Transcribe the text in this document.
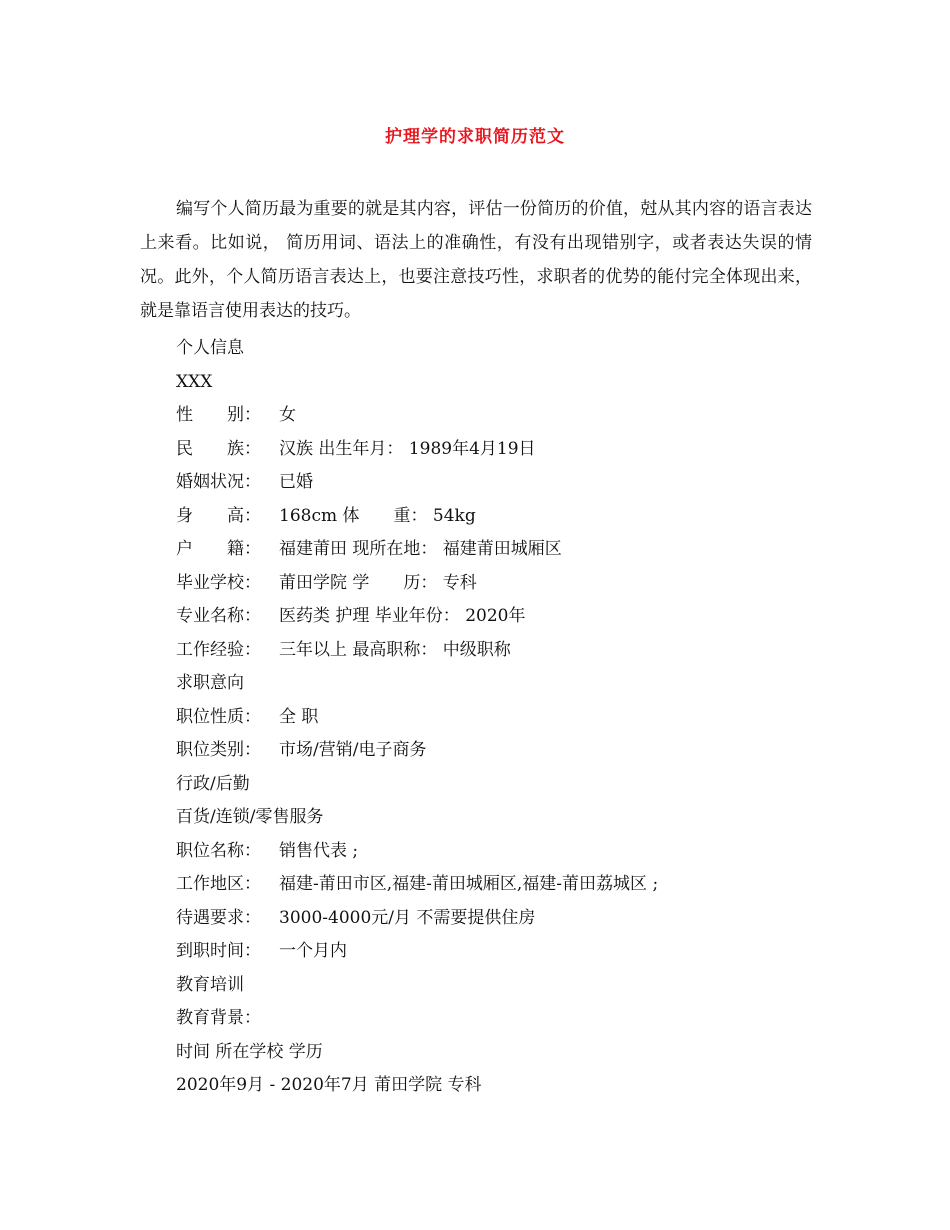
护理学的求职简历范文

编写个人简历最为重要的就是其内容，评估一份简历的价值，尅从其内容的语言表达上来看。比如说， 简历用词、语法上的准确性，有没有出现错别字，或者表达失误的情况。此外，个人简历语言表达上，也要注意技巧性，求职者的优势的能付完全体现出来，就是靠语言使用表达的技巧。

个人信息
XXX
性　　别： 女
民　　族： 汉族 出生年月： 1989年4月19日
婚姻状况： 已婚
身　　高： 168cm 体　　重： 54kg
户　　籍： 福建莆田 现所在地： 福建莆田城厢区
毕业学校： 莆田学院 学　　历： 专科
专业名称： 医药类 护理 毕业年份： 2020年
工作经验： 三年以上 最高职称： 中级职称
求职意向
职位性质： 全 职
职位类别： 市场/营销/电子商务
行政/后勤
百货/连锁/零售服务
职位名称： 销售代表 ;
工作地区： 福建-莆田市区,福建-莆田城厢区,福建-莆田荔城区 ;
待遇要求： 3000-4000元/月 不需要提供住房
到职时间： 一个月内
教育培训
教育背景：
时间 所在学校 学历
2020年9月 - 2020年7月 莆田学院 专科
